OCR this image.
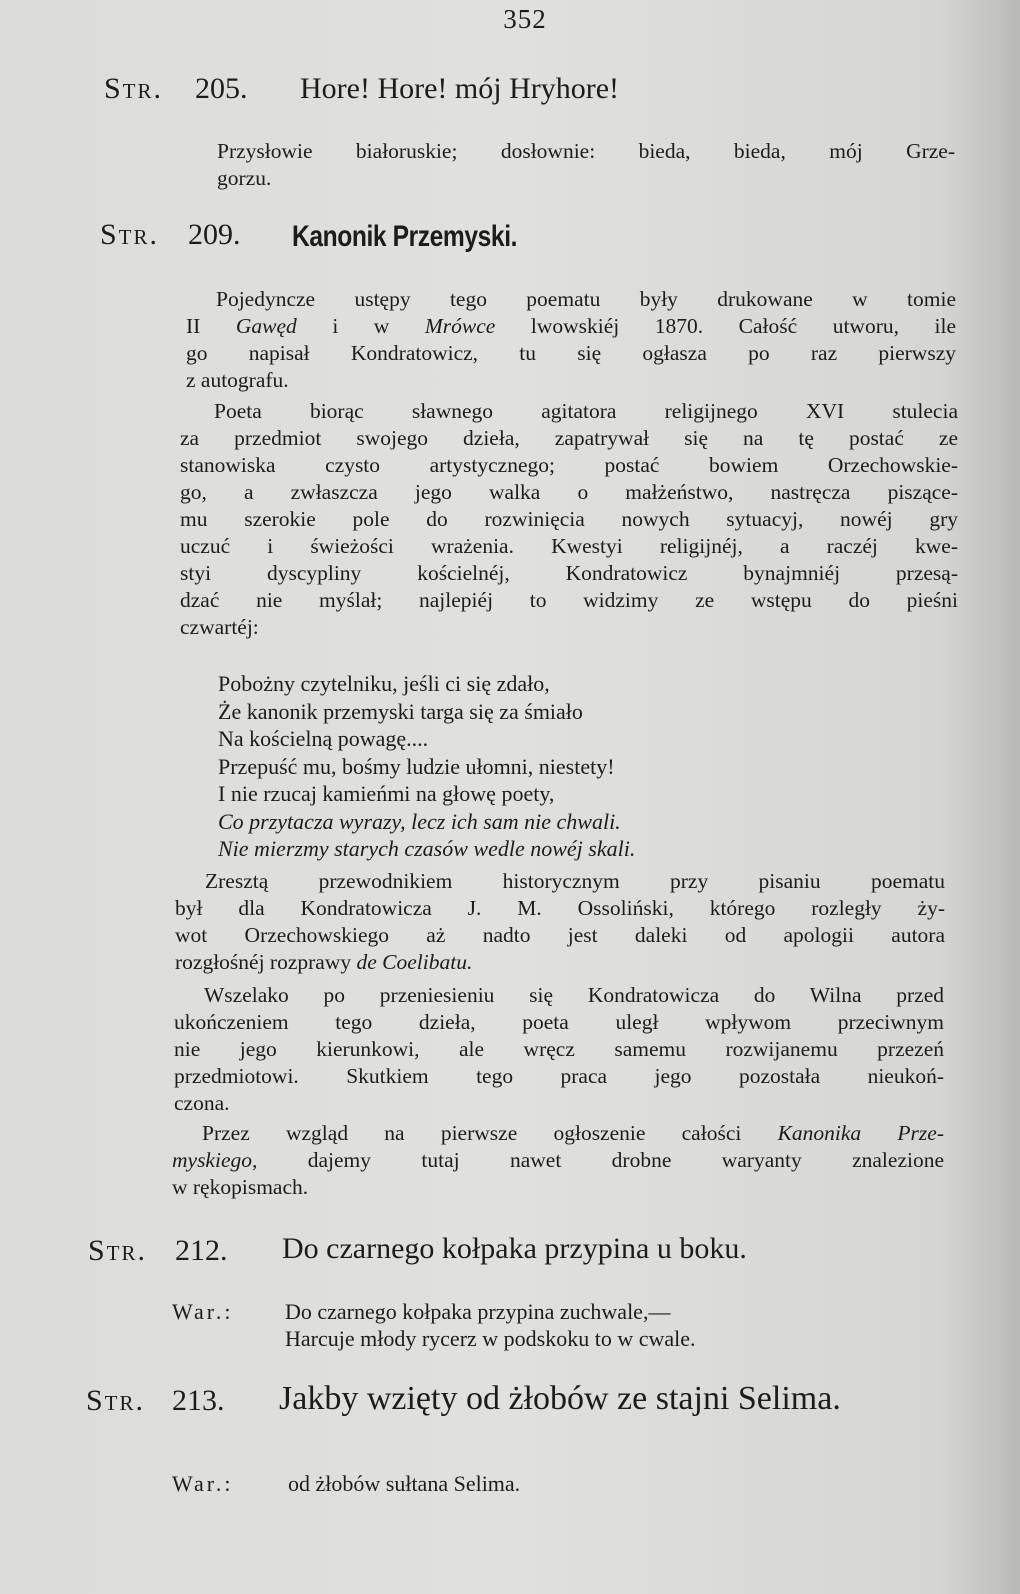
352
Str. 205. Hore! Hore! mój Hryhore!
Przysłowie białoruskie; dosłownie: bieda, bieda, mój Grze-
gorzu.
Str. 209. Kanonik Przemyski.
Pojedyncze ustępy tego poematu były drukowane w tomie
II Gawęd i w Mrówce lwowskiéj 1870. Całość utworu, ile
go napisał Kondratowicz, tu się ogłasza po raz pierwszy
z autografu.
Poeta biorąc sławnego agitatora religijnego XVI stulecia
za przedmiot swojego dzieła, zapatrywał się na tę postać ze
stanowiska czysto artystycznego; postać bowiem Orzechowskie-
go, a zwłaszcza jego walka o małżeństwo, nastręcza piszące-
mu szerokie pole do rozwinięcia nowych sytuacyj, nowéj gry
uczuć i świeżości wrażenia. Kwestyi religijnéj, a raczéj kwe-
styi dyscypliny kościelnéj, Kondratowicz bynajmniéj przesą-
dzać nie myślał; najlepiéj to widzimy ze wstępu do pieśni
czwartéj:
Pobożny czytelniku, jeśli ci się zdało,
Że kanonik przemyski targa się za śmiało
Na kościelną powagę....
Przepuść mu, bośmy ludzie ułomni, niestety!
I nie rzucaj kamieńmi na głowę poety,
Co przytacza wyrazy, lecz ich sam nie chwali.
Nie mierzmy starych czasów wedle nowéj skali.
Zresztą przewodnikiem historycznym przy pisaniu poematu
był dla Kondratowicza J. M. Ossoliński, którego rozległy ży-
wot Orzechowskiego aż nadto jest daleki od apologii autora
rozgłośnéj rozprawy de Coelibatu.
Wszelako po przeniesieniu się Kondratowicza do Wilna przed
ukończeniem tego dzieła, poeta uległ wpływom przeciwnym
nie jego kierunkowi, ale wręcz samemu rozwijanemu przezeń
przedmiotowi. Skutkiem tego praca jego pozostała nieukoń-
czona.
Przez wzgląd na pierwsze ogłoszenie całości Kanonika Prze-
myskiego, dajemy tutaj nawet drobne waryanty znalezione
w rękopismach.
Str. 212. Do czarnego kołpaka przypina u boku.
War.: Do czarnego kołpaka przypina zuchwale,—
Harcuje młody rycerz w podskoku to w cwale.
Str. 213. Jakby wzięty od żłobów ze stajni Selima.
War.: od żłobów sułtana Selima.
